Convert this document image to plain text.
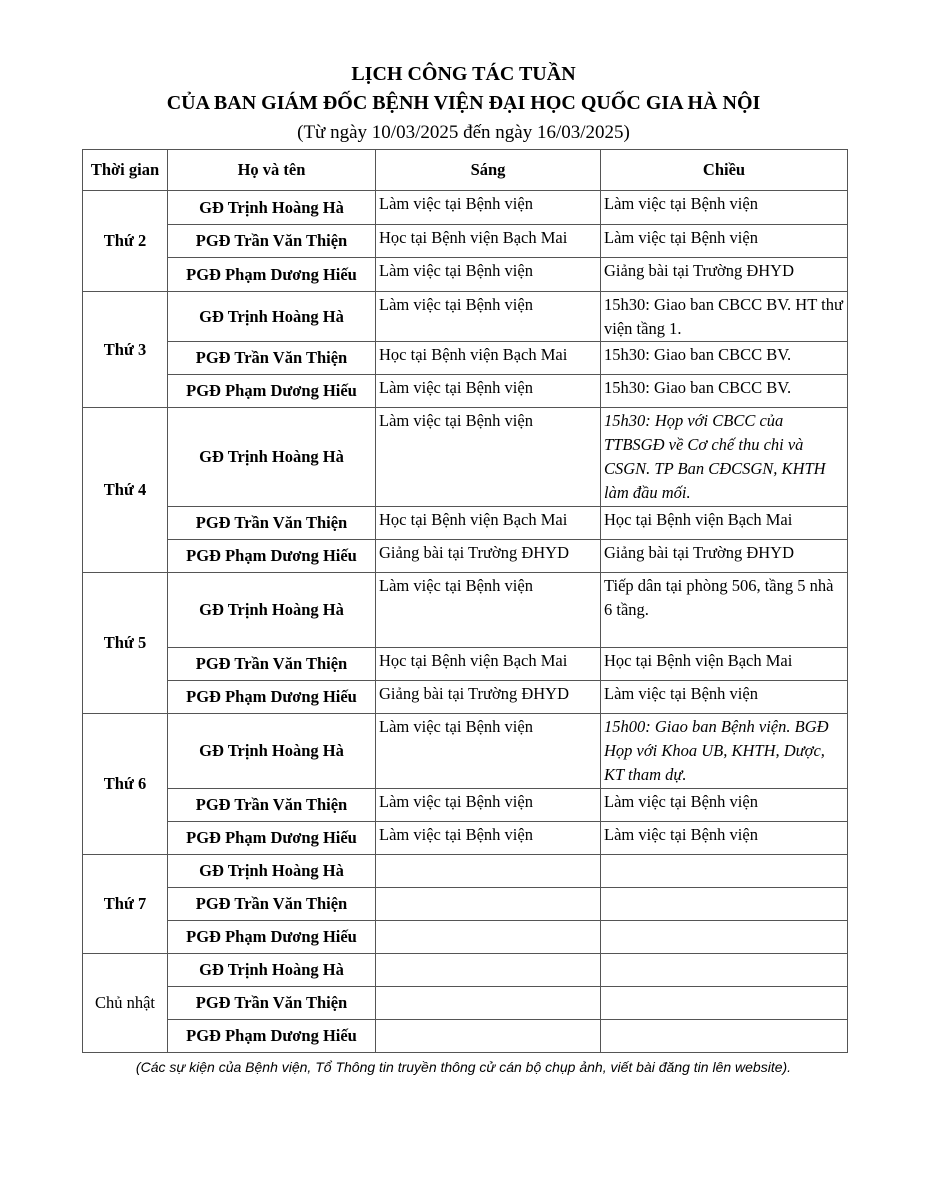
LỊCH CÔNG TÁC TUẦN
CỦA BAN GIÁM ĐỐC BỆNH VIỆN ĐẠI HỌC QUỐC GIA HÀ NỘI
(Từ ngày 10/03/2025 đến ngày 16/03/2025)
Thời gian	Họ và tên	Sáng	Chiều
Thứ 2	GĐ Trịnh Hoàng Hà	Làm việc tại Bệnh viện	Làm việc tại Bệnh viện
	PGĐ Trần Văn Thiện	Học tại Bệnh viện Bạch Mai	Làm việc tại Bệnh viện
	PGĐ Phạm Dương Hiếu	Làm việc tại Bệnh viện	Giảng bài tại Trường ĐHYD
Thứ 3	GĐ Trịnh Hoàng Hà	Làm việc tại Bệnh viện	15h30: Giao ban CBCC BV. HT thư viện tầng 1.
	PGĐ Trần Văn Thiện	Học tại Bệnh viện Bạch Mai	15h30: Giao ban CBCC BV.
	PGĐ Phạm Dương Hiếu	Làm việc tại Bệnh viện	15h30: Giao ban CBCC BV.
Thứ 4	GĐ Trịnh Hoàng Hà	Làm việc tại Bệnh viện	15h30: Họp với CBCC của TTBSGĐ về Cơ chế thu chi và CSGN. TP Ban CĐCSGN, KHTH làm đầu mối.
	PGĐ Trần Văn Thiện	Học tại Bệnh viện Bạch Mai	Học tại Bệnh viện Bạch Mai
	PGĐ Phạm Dương Hiếu	Giảng bài tại Trường ĐHYD	Giảng bài tại Trường ĐHYD
Thứ 5	GĐ Trịnh Hoàng Hà	Làm việc tại Bệnh viện	Tiếp dân tại phòng 506, tầng 5 nhà 6 tầng.
	PGĐ Trần Văn Thiện	Học tại Bệnh viện Bạch Mai	Học tại Bệnh viện Bạch Mai
	PGĐ Phạm Dương Hiếu	Giảng bài tại Trường ĐHYD	Làm việc tại Bệnh viện
Thứ 6	GĐ Trịnh Hoàng Hà	Làm việc tại Bệnh viện	15h00: Giao ban Bệnh viện. BGĐ Họp với Khoa UB, KHTH, Dược, KT tham dự.
	PGĐ Trần Văn Thiện	Làm việc tại Bệnh viện	Làm việc tại Bệnh viện
	PGĐ Phạm Dương Hiếu	Làm việc tại Bệnh viện	Làm việc tại Bệnh viện
Thứ 7	GĐ Trịnh Hoàng Hà		
	PGĐ Trần Văn Thiện		
	PGĐ Phạm Dương Hiếu		
Chủ nhật	GĐ Trịnh Hoàng Hà		
	PGĐ Trần Văn Thiện		
	PGĐ Phạm Dương Hiếu		
(Các sự kiện của Bệnh viện, Tổ Thông tin truyền thông cử cán bộ chụp ảnh, viết bài đăng tin lên website).
